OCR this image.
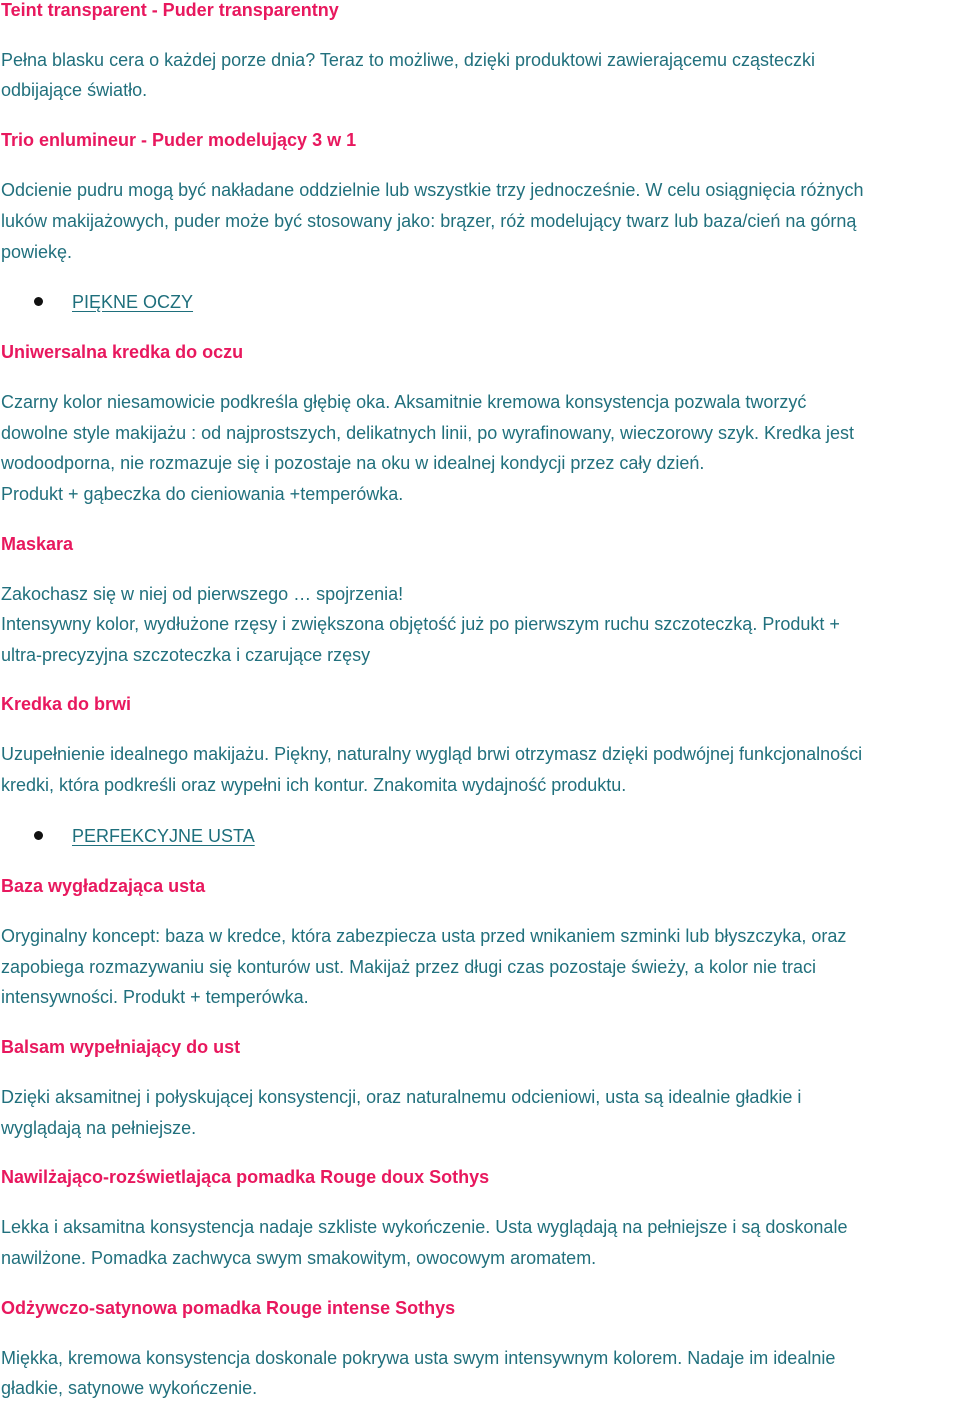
Teint transparent - Puder transparentny
Pełna blasku cera o każdej porze dnia? Teraz to możliwe, dzięki produktowi zawierającemu cząsteczki
odbijające światło.
Trio enlumineur - Puder modelujący 3 w 1
Odcienie pudru mogą być nakładane oddzielnie lub wszystkie trzy jednocześnie. W celu osiągnięcia różnych
luków makijażowych, puder może być stosowany jako: brązer, róż modelujący twarz lub baza/cień na górną
powiekę.
PIĘKNE OCZY
Uniwersalna kredka do oczu
Czarny kolor niesamowicie podkreśla głębię oka. Aksamitnie kremowa konsystencja pozwala tworzyć
dowolne style makijażu : od najprostszych, delikatnych linii, po wyrafinowany, wieczorowy szyk. Kredka jest
wodoodporna, nie rozmazuje się i pozostaje na oku w idealnej kondycji przez cały dzień.
Produkt + gąbeczka do cieniowania +temperówka.
Maskara
Zakochasz się w niej od pierwszego … spojrzenia!
Intensywny kolor, wydłużone rzęsy i zwiększona objętość już po pierwszym ruchu szczoteczką. Produkt +
ultra-precyzyjna szczoteczka i czarujące rzęsy
Kredka do brwi
Uzupełnienie idealnego makijażu. Piękny, naturalny wygląd brwi otrzymasz dzięki podwójnej funkcjonalności
kredki, która podkreśli oraz wypełni ich kontur. Znakomita wydajność produktu.
PERFEKCYJNE USTA
Baza wygładzająca usta
Oryginalny koncept: baza w kredce, która zabezpiecza usta przed wnikaniem szminki lub błyszczyka, oraz
zapobiega rozmazywaniu się konturów ust. Makijaż przez długi czas pozostaje świeży, a kolor nie traci
intensywności. Produkt + temperówka.
Balsam wypełniający do ust
Dzięki aksamitnej i połyskującej konsystencji, oraz naturalnemu odcieniowi, usta są idealnie gładkie i
wyglądają na pełniejsze.
Nawilżająco-rozświetlająca pomadka Rouge doux Sothys
Lekka i aksamitna konsystencja nadaje szkliste wykończenie. Usta wyglądają na pełniejsze i są doskonale
nawilżone. Pomadka zachwyca swym smakowitym, owocowym aromatem.
Odżywczo-satynowa pomadka Rouge intense Sothys
Miękka, kremowa konsystencja doskonale pokrywa usta swym intensywnym kolorem. Nadaje im idealnie
gładkie, satynowe wykończenie.
